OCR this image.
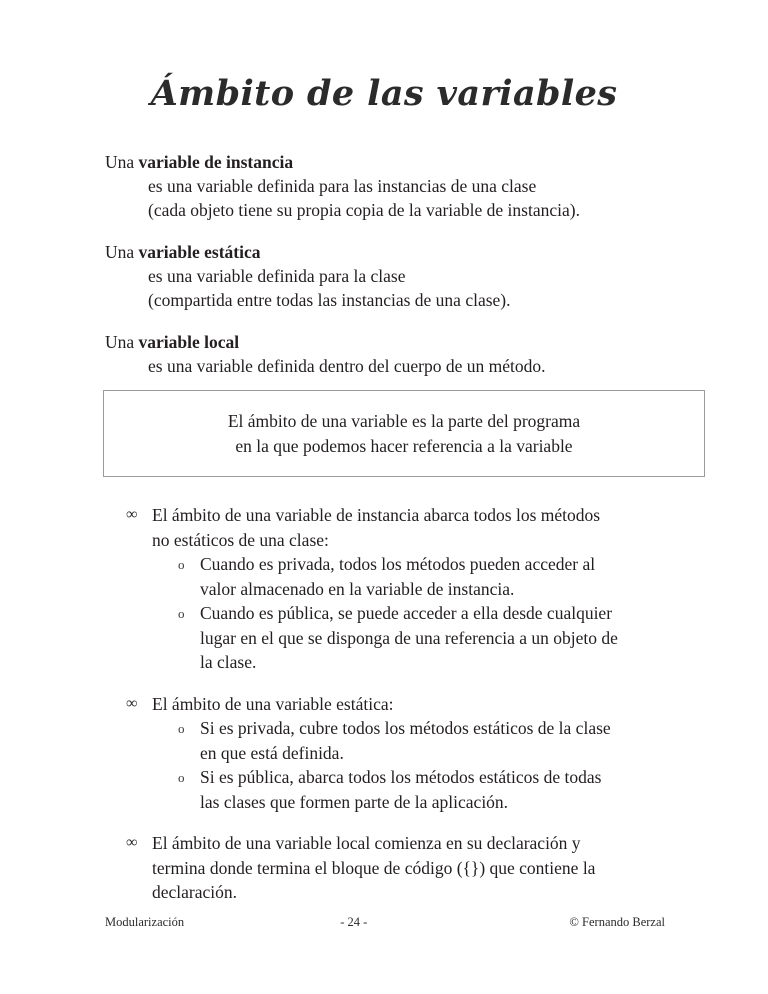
Ámbito de las variables
Una variable de instancia
es una variable definida para las instancias de una clase
(cada objeto tiene su propia copia de la variable de instancia).
Una variable estática
es una variable definida para la clase
(compartida entre todas las instancias de una clase).
Una variable local
es una variable definida dentro del cuerpo de un método.
El ámbito de una variable es la parte del programa
en la que podemos hacer referencia a la variable
∞ El ámbito de una variable de instancia abarca todos los métodos
no estáticos de una clase:
o Cuando es privada, todos los métodos pueden acceder al
valor almacenado en la variable de instancia.
o Cuando es pública, se puede acceder a ella desde cualquier
lugar en el que se disponga de una referencia a un objeto de
la clase.
∞ El ámbito de una variable estática:
o Si es privada, cubre todos los métodos estáticos de la clase
en que está definida.
o Si es pública, abarca todos los métodos estáticos de todas
las clases que formen parte de la aplicación.
∞ El ámbito de una variable local comienza en su declaración y
termina donde termina el bloque de código ({}) que contiene la
declaración.
Modularización	- 24 -	© Fernando Berzal
